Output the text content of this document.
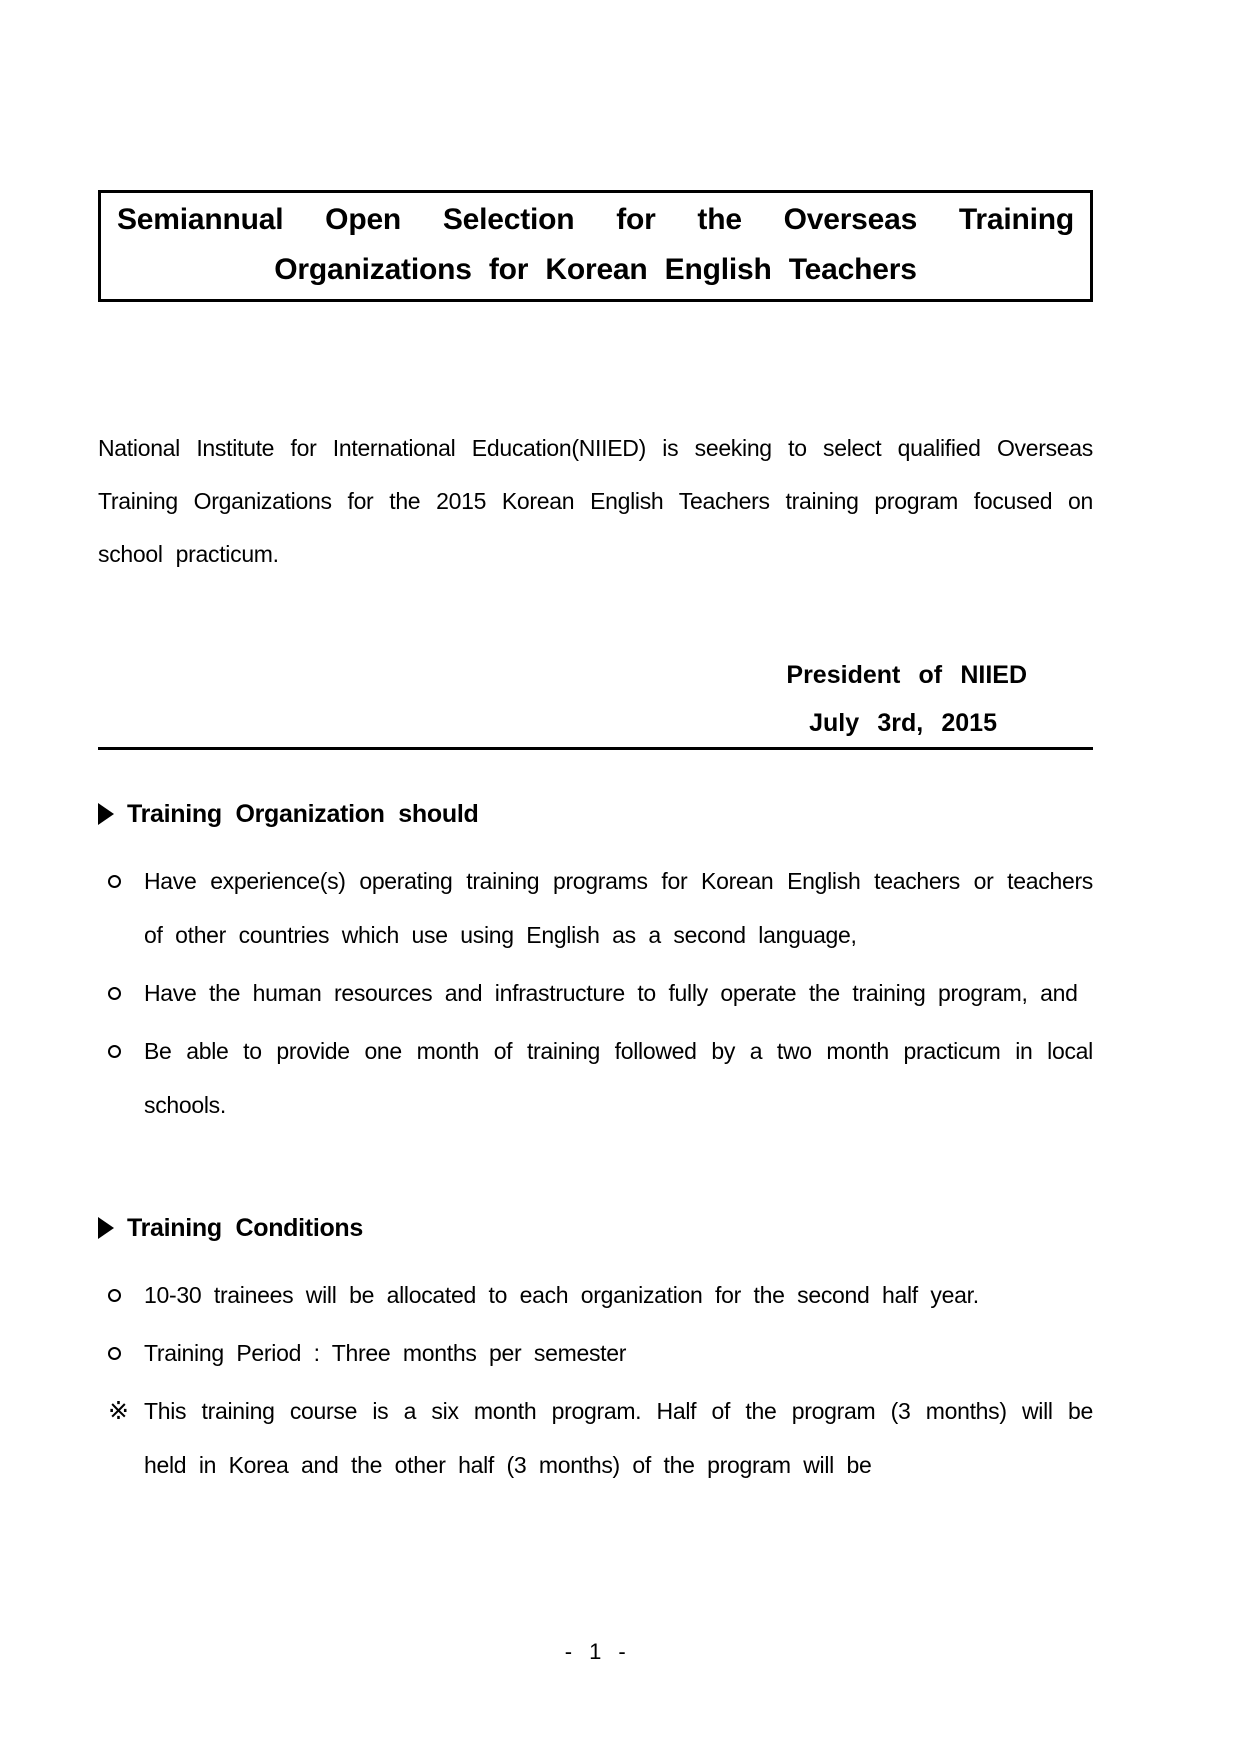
Semiannual Open Selection for the Overseas Training Organizations for Korean English Teachers

National Institute for International Education(NIIED) is seeking to select qualified Overseas Training Organizations for the 2015 Korean English Teachers training program focused on school practicum.

President of NIIED
July 3rd, 2015
Training Organization should
Have experience(s) operating training programs for Korean English teachers or teachers of other countries which use using English as a second language,
Have the human resources and infrastructure to fully operate the training program, and
Be able to provide one month of training followed by a two month practicum in local schools.
Training Conditions
10-30 trainees will be allocated to each organization for the second half year.
Training Period : Three months per semester
※ This training course is a six month program. Half of the program (3 months) will be held in Korea and the other half (3 months) of the program will be
- 1 -
